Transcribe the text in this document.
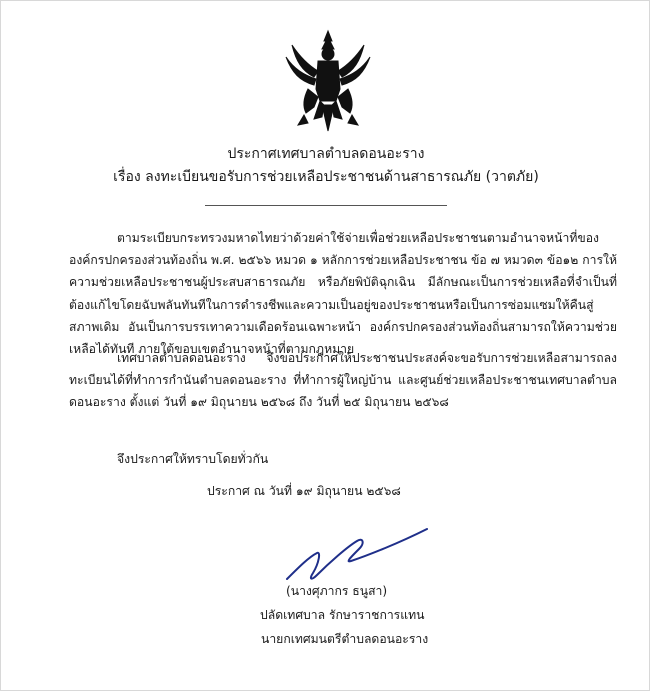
ประกาศเทศบาลตำบลดอนอะราง
เรื่อง ลงทะเบียนขอรับการช่วยเหลือประชาชนด้านสาธารณภัย (วาตภัย)
ตามระเบียบกระทรวงมหาดไทยว่าด้วยค่าใช้จ่ายเพื่อช่วยเหลือประชาชนตามอำนาจหน้าที่ขององค์กรปกครองส่วนท้องถิ่น พ.ศ. ๒๕๖๖ หมวด ๑ หลักการช่วยเหลือประชาชน ข้อ ๗ หมวด๓ ข้อ๑๒ การให้ความช่วยเหลือประชาชนผู้ประสบสาธารณภัย หรือภัยพิบัติฉุกเฉิน มีลักษณะเป็นการช่วยเหลือที่จำเป็นที่ต้องแก้ไขโดยฉับพลันทันทีในการดำรงชีพและความเป็นอยู่ของประชาชนหรือเป็นการซ่อมแซมให้คืนสู่สภาพเดิม อันเป็นการบรรเทาความเดือดร้อนเฉพาะหน้า องค์กรปกครองส่วนท้องถิ่นสามารถให้ความช่วยเหลือได้ทันที ภายใต้ขอบเขตอำนาจหน้าที่ตามกฎหมาย
เทศบาลตำบลดอนอะราง จึงขอประกาศให้ประชาชนประสงค์จะขอรับการช่วยเหลือสามารถลงทะเบียนได้ที่ทำการกำนันตำบลดอนอะราง ที่ทำการผู้ใหญ่บ้าน และศูนย์ช่วยเหลือประชาชนเทศบาลตำบลดอนอะราง ตั้งแต่ วันที่ ๑๙ มิถุนายน ๒๕๖๘ ถึง วันที่ ๒๕ มิถุนายน ๒๕๖๘
จึงประกาศให้ทราบโดยทั่วกัน
ประกาศ ณ วันที่ ๑๙ มิถุนายน ๒๕๖๘
(นางศุภากร ธนูสา)
ปลัดเทศบาล รักษาราชการแทน
นายกเทศมนตรีตำบลดอนอะราง
